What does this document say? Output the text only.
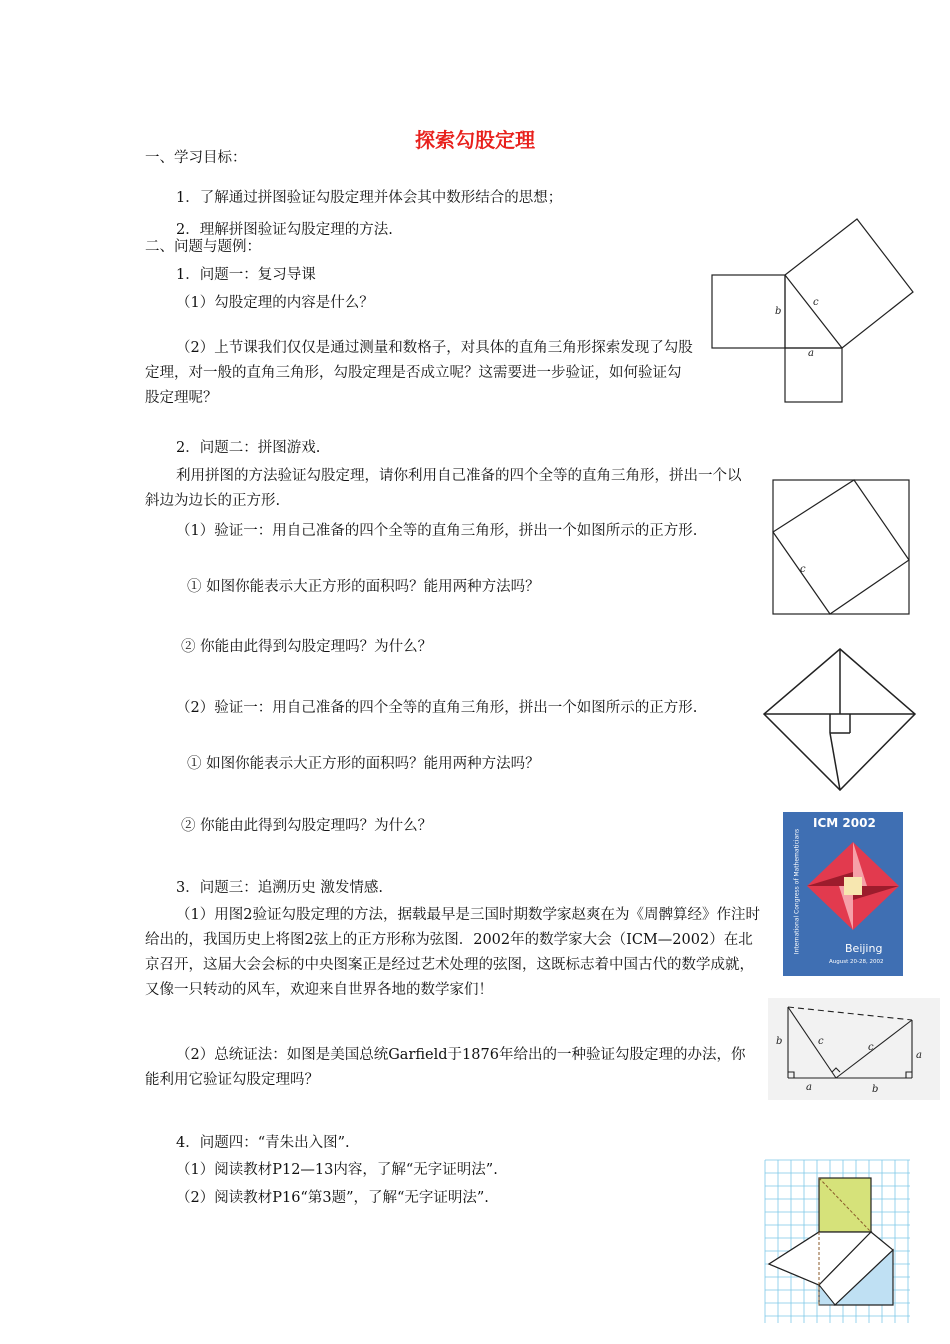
探索勾股定理
一、学习目标：
1．了解通过拼图验证勾股定理并体会其中数形结合的思想；
2．理解拼图验证勾股定理的方法.
二、问题与题例：
1．问题一：复习导课
（1）勾股定理的内容是什么？
（2）上节课我们仅仅是通过测量和数格子，对具体的直角三角形探索发现了勾股定理，对一般的直角三角形，勾股定理是否成立呢？这需要进一步验证，如何验证勾股定理呢？
2．问题二：拼图游戏.
利用拼图的方法验证勾股定理，请你利用自己准备的四个全等的直角三角形，拼出一个以斜边为边长的正方形.
（1）验证一：用自己准备的四个全等的直角三角形，拼出一个如图所示的正方形.
① 如图你能表示大正方形的面积吗？能用两种方法吗？
② 你能由此得到勾股定理吗？为什么？
（2）验证一：用自己准备的四个全等的直角三角形，拼出一个如图所示的正方形.
① 如图你能表示大正方形的面积吗？能用两种方法吗？
② 你能由此得到勾股定理吗？为什么？
3．问题三：追溯历史 激发情感.
（1）用图2验证勾股定理的方法，据载最早是三国时期数学家赵爽在为《周髀算经》作注时给出的，我国历史上将图2弦上的正方形称为弦图．2002年的数学家大会（ICM—2002）在北京召开，这届大会会标的中央图案正是经过艺术处理的弦图，这既标志着中国古代的数学成就，又像一只转动的风车，欢迎来自世界各地的数学家们！
（2）总统证法：如图是美国总统Garfield于1876年给出的一种验证勾股定理的办法，你能利用它验证勾股定理吗？
4．问题四：“青朱出入图”.
（1）阅读教材P12—13内容，了解“无字证明法”.
（2）阅读教材P16“第3题”，了解“无字证明法”.
b
c
a
c
ICM 2002
International Congress of Mathematicians	Beijing
August 20-28, 2002
b	c
c
a
a	b
